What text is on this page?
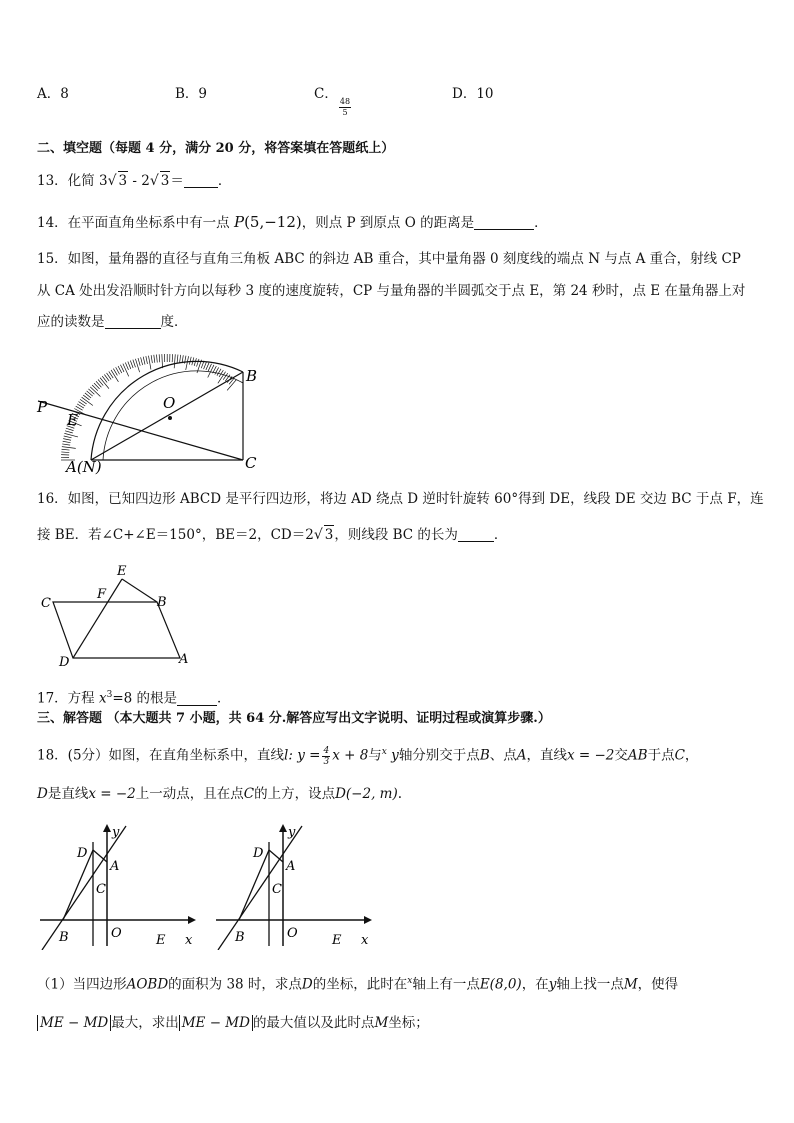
A．8	B．9	C．
$\frac{48}{5}$
D．10
二、填空题（每题 4 分，满分 20 分，将答案填在答题纸上）
13．化简 3√ 3 - 2√ 3＝	．
14．在平面直角坐标系中有一点 P(5,−12)，则点 P 到原点 O 的距离是	．
15．如图，量角器的直径与直角三角板 ABC 的斜边 AB 重合，其中量角器 0 刻度线的端点 N 与点 A 重合，射线 CP
从 CA 处出发沿顺时针方向以每秒 3 度的速度旋转，CP 与量角器的半圆弧交于点 E，第 24 秒时，点 E 在量角器上对
应的读数是	度．
P
E
O
B
C
A(N)
16．如图，已知四边形 ABCD 是平行四边形，将边 AD 绕点 D 逆时针旋转 60°得到 DE，线段 DE 交边 BC 于点 F，连
接 BE．若∠C+∠E＝150°，BE＝2，CD＝2√ 3，则线段 BC 的长为	．
E
C
F
B
D	A
17．方程 $x^3=8$ 的根是	．
三、解答题 （本大题共 7 小题，共 64 分.解答应写出文字说明、证明过程或演算步骤.）
18．(5分）如图，在直角坐标系中，直线l: $y = \frac{4}{3}$ x + 8与$^x$ y轴分别交于点B、点A，直线x = −2交AB于点C，
D是直线x = −2上一动点，且在点C的上方，设点D(−2, m).
y
D
A
C
B	O	E x
y
D
A
C
B	O	E x
（1）当四边形AOBD的面积为 38 时，求点D的坐标，此时在$^x$轴上有一点E(8,0)，在y轴上找一点M，使得
ME − MD 最大，求出 ME − MD 的最大值以及此时点M坐标；
